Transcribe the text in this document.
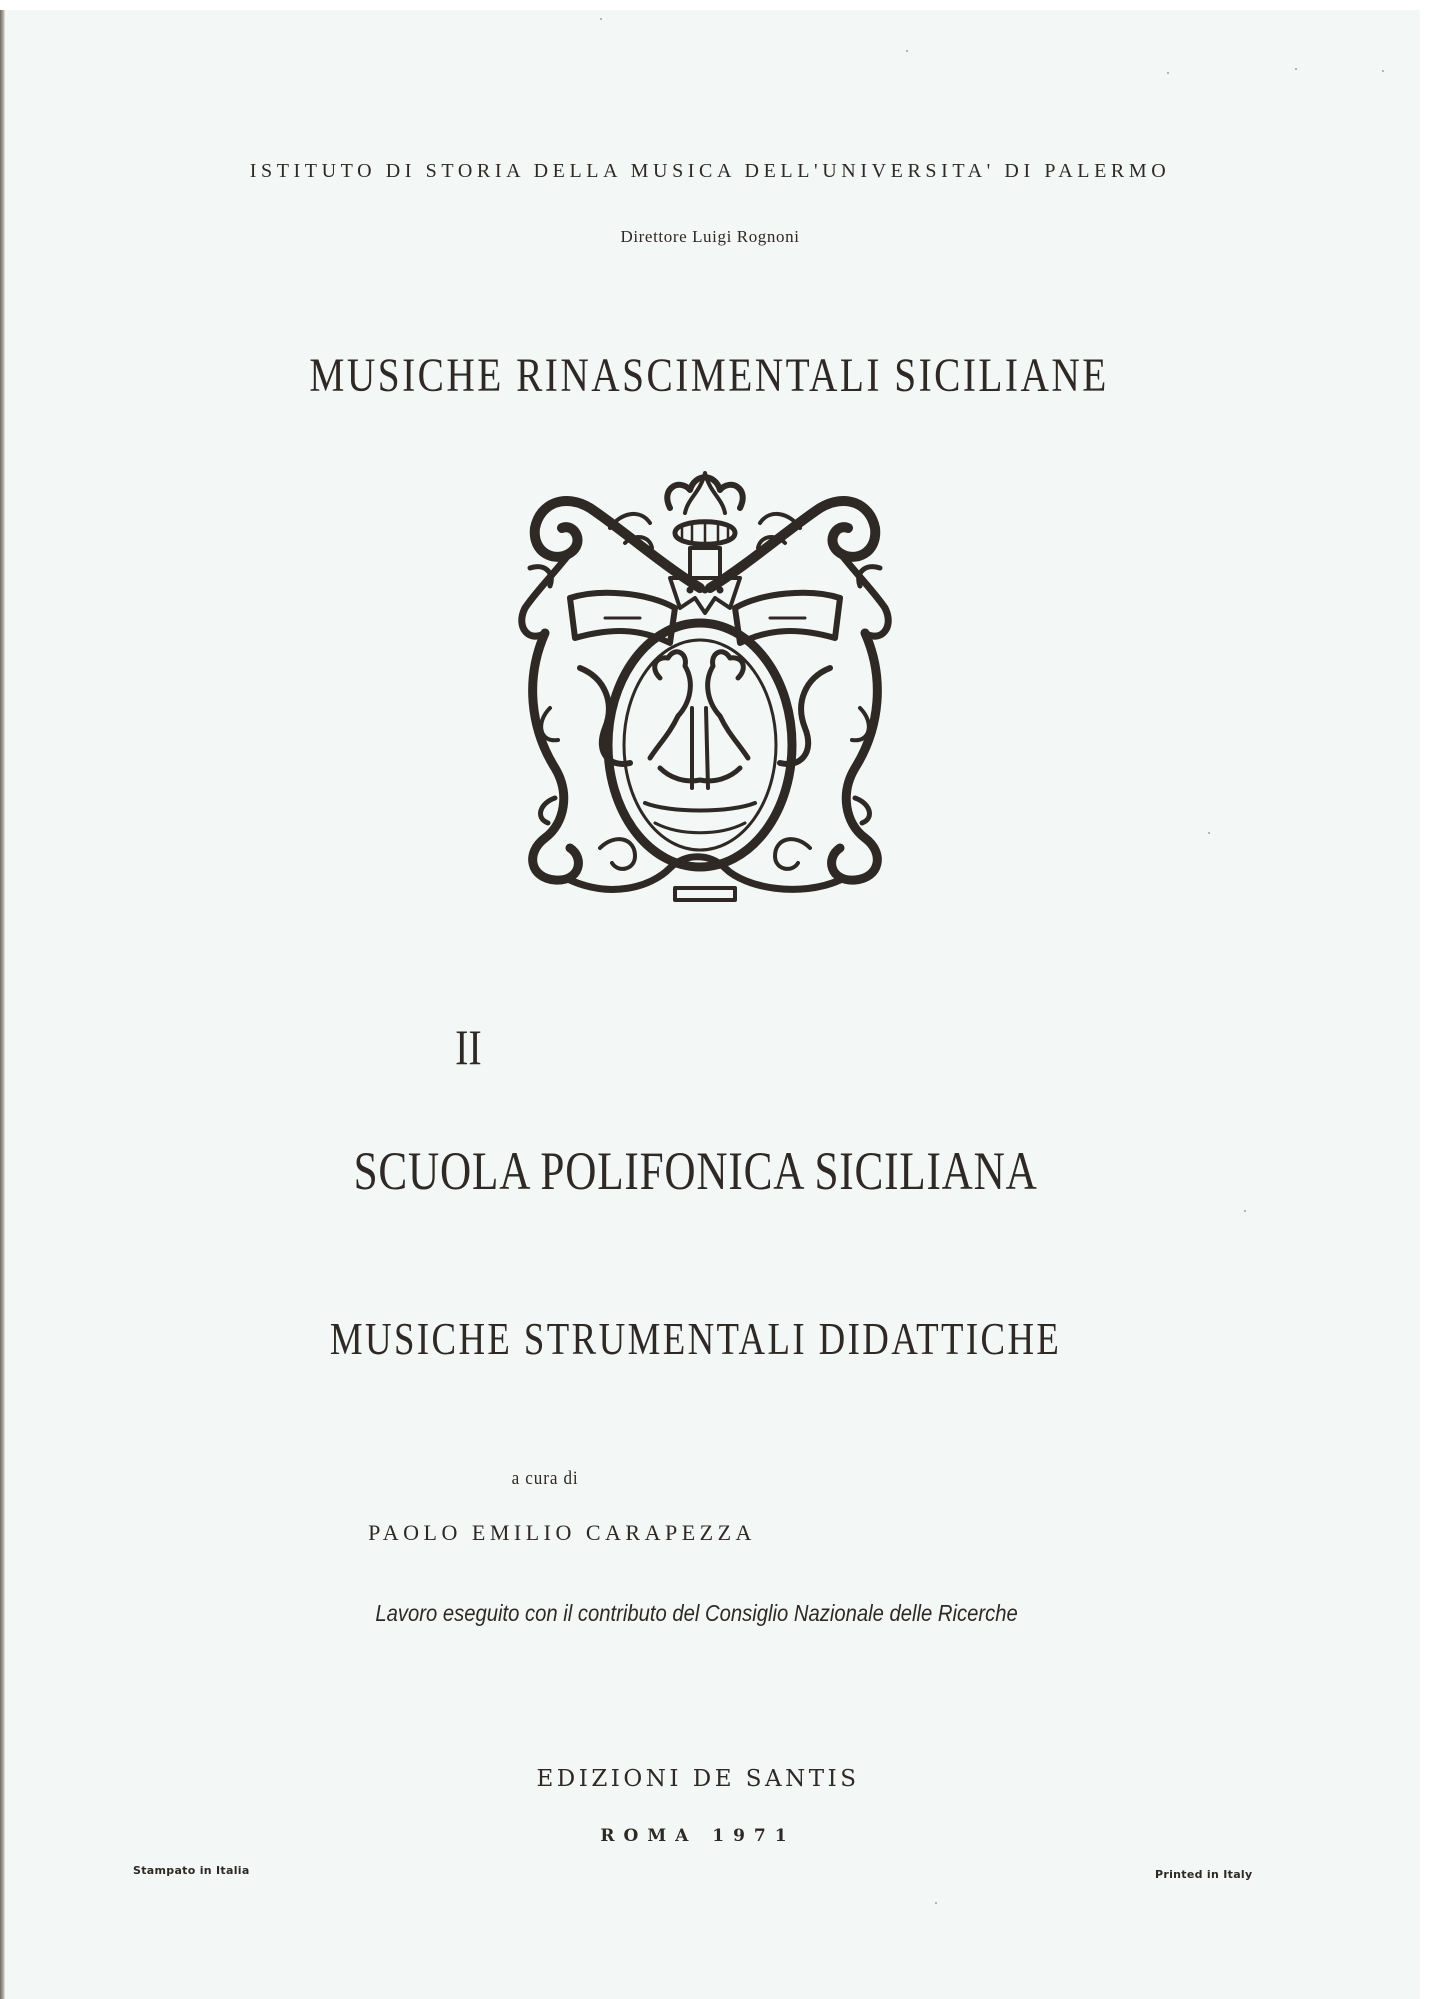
ISTITUTO DI STORIA DELLA MUSICA DELL'UNIVERSITA' DI PALERMO
Direttore Luigi Rognoni
MUSICHE RINASCIMENTALI SICILIANE
II
SCUOLA POLIFONICA SICILIANA
MUSICHE STRUMENTALI DIDATTICHE
a cura di
PAOLO EMILIO CARAPEZZA
Lavoro eseguito con il contributo del Consiglio Nazionale delle Ricerche
EDIZIONI DE SANTIS
ROMA 1971
Stampato in Italia	Printed in Italy
